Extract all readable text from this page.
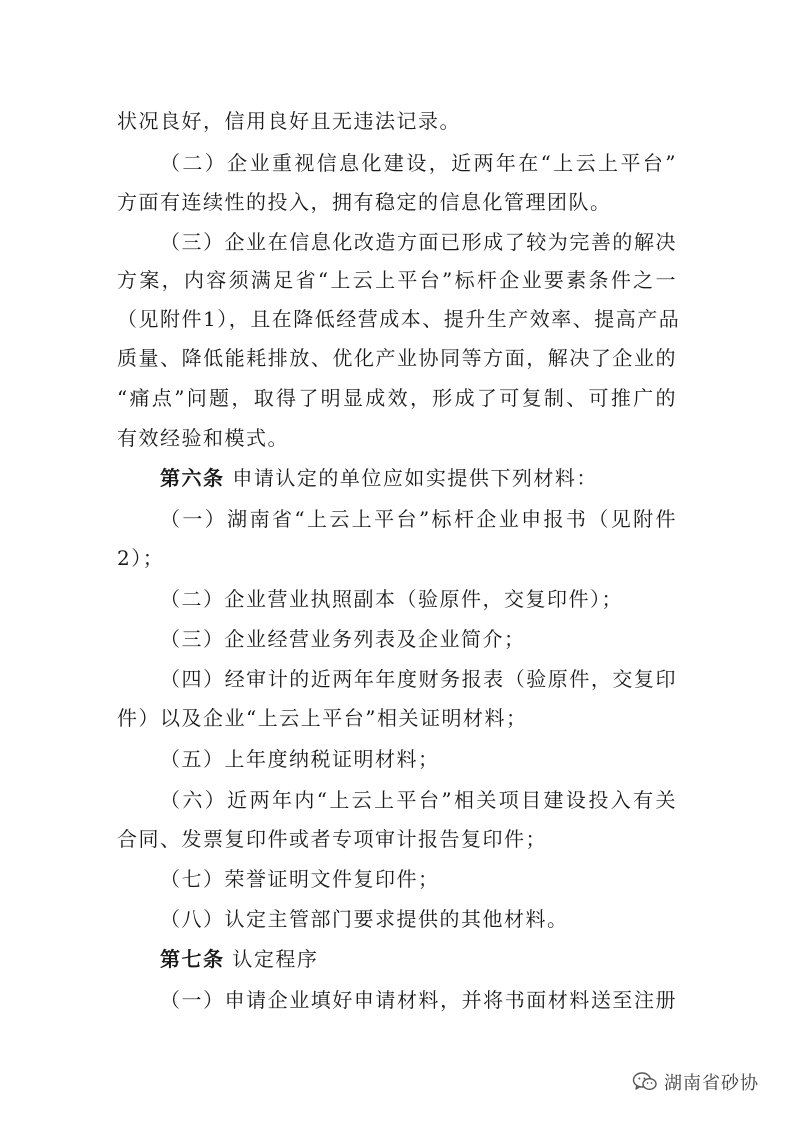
状况良好，信用良好且无违法记录。
（二）企业重视信息化建设，近两年在“上云上平台”
方面有连续性的投入，拥有稳定的信息化管理团队。
（三）企业在信息化改造方面已形成了较为完善的解决
方案，内容须满足省“上云上平台”标杆企业要素条件之一
（见附件1），且在降低经营成本、提升生产效率、提高产品
质量、降低能耗排放、优化产业协同等方面，解决了企业的
“痛点”问题，取得了明显成效，形成了可复制、可推广的
有效经验和模式。
第六条 申请认定的单位应如实提供下列材料：
（一）湖南省“上云上平台”标杆企业申报书（见附件
2）；
（二）企业营业执照副本（验原件，交复印件）；
（三）企业经营业务列表及企业简介；
（四）经审计的近两年年度财务报表（验原件，交复印
件）以及企业“上云上平台”相关证明材料；
（五）上年度纳税证明材料；
（六）近两年内“上云上平台”相关项目建设投入有关
合同、发票复印件或者专项审计报告复印件；
（七）荣誉证明文件复印件；
（八）认定主管部门要求提供的其他材料。
第七条 认定程序
（一）申请企业填好申请材料，并将书面材料送至注册
湖南省砂协
